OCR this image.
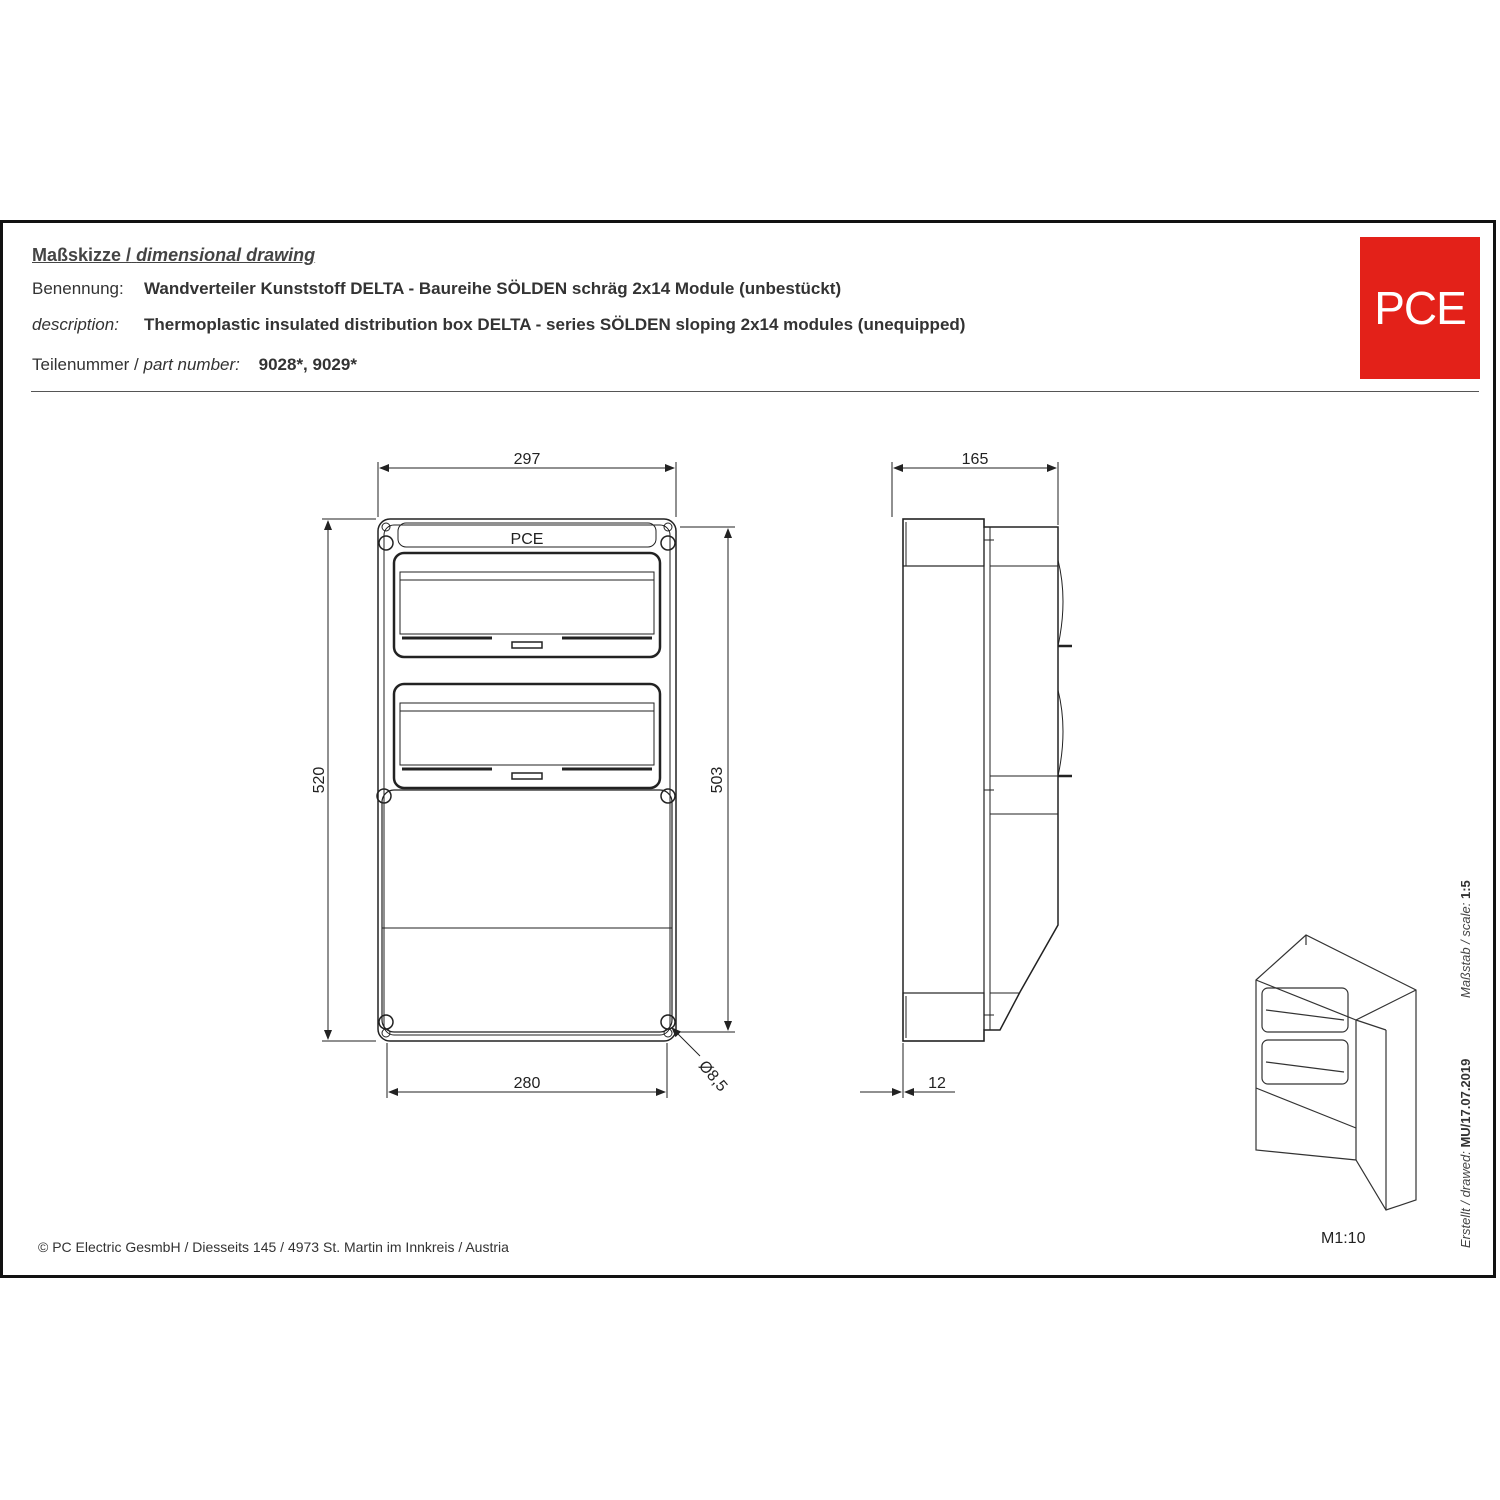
Maßskizze / dimensional drawing
Benennung: Wandverteiler Kunststoff DELTA - Baureihe SÖLDEN schräg 2x14 Module (unbestückt)
description: Thermoplastic insulated distribution box DELTA - series SÖLDEN sloping 2x14 modules (unequipped)
Teilenummer / part number: 9028*, 9029*
PCE
© PC Electric GesmbH / Diesseits 145 / 4973 St. Martin im Innkreis / Austria	M1:10	Erstellt / drawed: MU/17.07.2019
Maßstab / scale: 1:5
PCE
297
280
520	503
Ø8,5
165
12
